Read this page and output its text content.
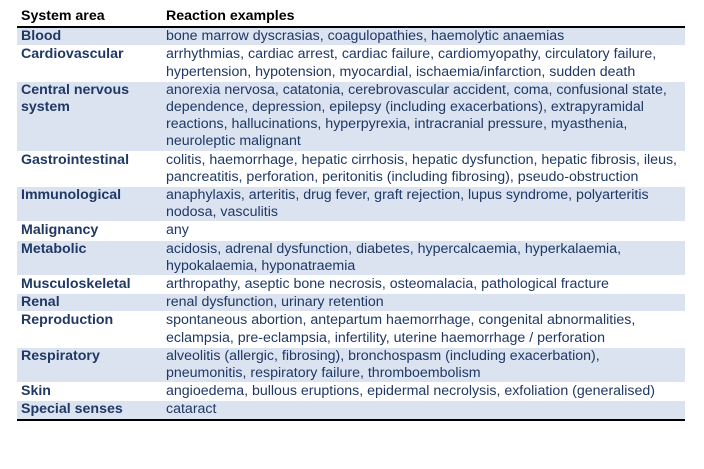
System area	Reaction examples
Blood	bone marrow dyscrasias, coagulopathies, haemolytic anaemias
Cardiovascular	arrhythmias, cardiac arrest, cardiac failure, cardiomyopathy, circulatory failure, hypertension, hypotension, myocardial, ischaemia/infarction, sudden death
Central nervous system	anorexia nervosa, catatonia, cerebrovascular accident, coma, confusional state, dependence, depression, epilepsy (including exacerbations), extrapyramidal reactions, hallucinations, hyperpyrexia, intracranial pressure, myasthenia, neuroleptic malignant
Gastrointestinal	colitis, haemorrhage, hepatic cirrhosis, hepatic dysfunction, hepatic fibrosis, ileus, pancreatitis, perforation, peritonitis (including fibrosing), pseudo-obstruction
Immunological	anaphylaxis, arteritis, drug fever, graft rejection, lupus syndrome, polyarteritis nodosa, vasculitis
Malignancy	any
Metabolic	acidosis, adrenal dysfunction, diabetes, hypercalcaemia, hyperkalaemia, hypokalaemia, hyponatraemia
Musculoskeletal	arthropathy, aseptic bone necrosis, osteomalacia, pathological fracture
Renal	renal dysfunction, urinary retention
Reproduction	spontaneous abortion, antepartum haemorrhage, congenital abnormalities, eclampsia, pre-eclampsia, infertility, uterine haemorrhage / perforation
Respiratory	alveolitis (allergic, fibrosing), bronchospasm (including exacerbation), pneumonitis, respiratory failure, thromboembolism
Skin	angioedema, bullous eruptions, epidermal necrolysis, exfoliation (generalised)
Special senses	cataract
